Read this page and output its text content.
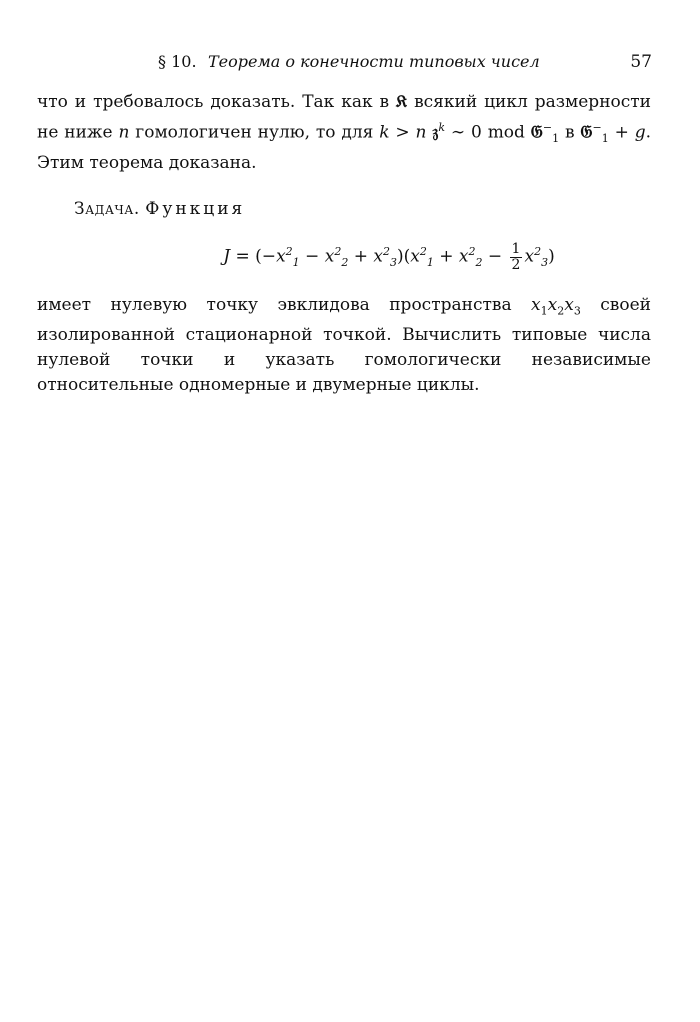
§ 10. Теорема о конечности типовых чисел	57

что и требовалось доказать. Так как в 𝔎 всякий цикл размерности не ниже n гомологичен нулю, то для k > n 𝔷$^k$ ∼ 0 mod 𝔊−$_1$ в 𝔊−$_1$ + g. Этим теорема доказана.

Задача. Функция

$J = (-x^2_1 - x^2_2 + x^2_3)(x^2_1 + x^2_2 - \frac{1}{2} x^2_3)$

имеет нулевую точку эвклидова пространства $x_1x_2x_3$ своей изолированной стационарной точкой. Вычислить типовые числа нулевой точки и указать гомологически независимые относительные одномерные и двумерные циклы.
